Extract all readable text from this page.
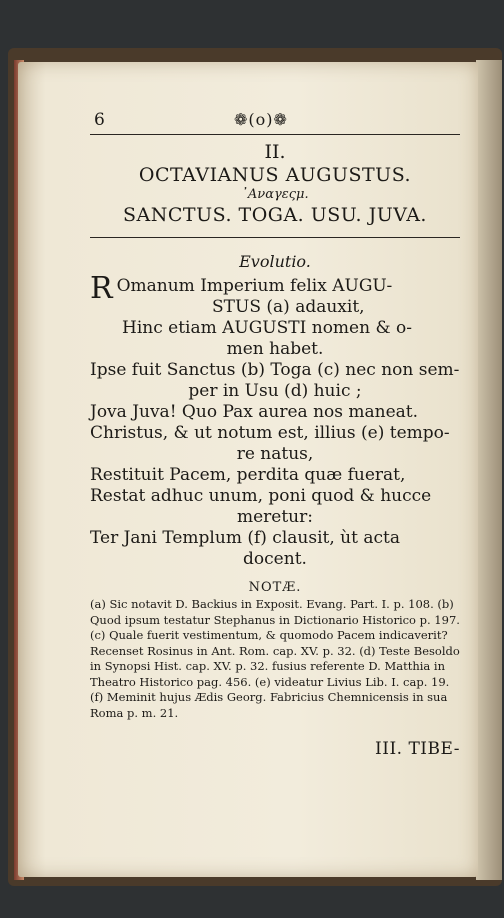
6	❁(o)❁
II.
OCTAVIANUS AUGUSTUS.
᾿Αναγεςμ.
SANCTUS. TOGA. USU. JUVA.
Evolutio.
R Omanum Imperium felix AUGU-
STUS (a) adauxit,
Hinc etiam AUGUSTI nomen & o-
men habet.
Ipse fuit Sanctus (b) Toga (c) nec non sem-
per in Usu (d) huic ;
Jova Juva! Quo Pax aurea nos maneat.
Christus, & ut notum est, illius (e) tempo-
re natus,
Restituit Pacem, perdita quæ fuerat,
Restat adhuc unum, poni quod & hucce
meretur:
Ter Jani Templum (f) clausit, ùt acta
docent.
NOTÆ.
(a) Sic notavit D. Backius in Exposit. Evang. Part. I. p. 108. (b) Quod ipsum testatur Stephanus in Dictionario Historico p. 197. (c) Quale fuerit vestimentum, & quomodo Pacem indicaverit? Recenset Rosinus in Ant. Rom. cap. XV. p. 32. (d) Teste Besoldo in Synopsi Hist. cap. XV. p. 32. fusius referente D. Matthia in Theatro Historico pag. 456. (e) videatur Livius Lib. I. cap. 19. (f) Meminit hujus Ædis Georg. Fabricius Chemnicensis in sua Roma p. m. 21.
III. TIBE-
